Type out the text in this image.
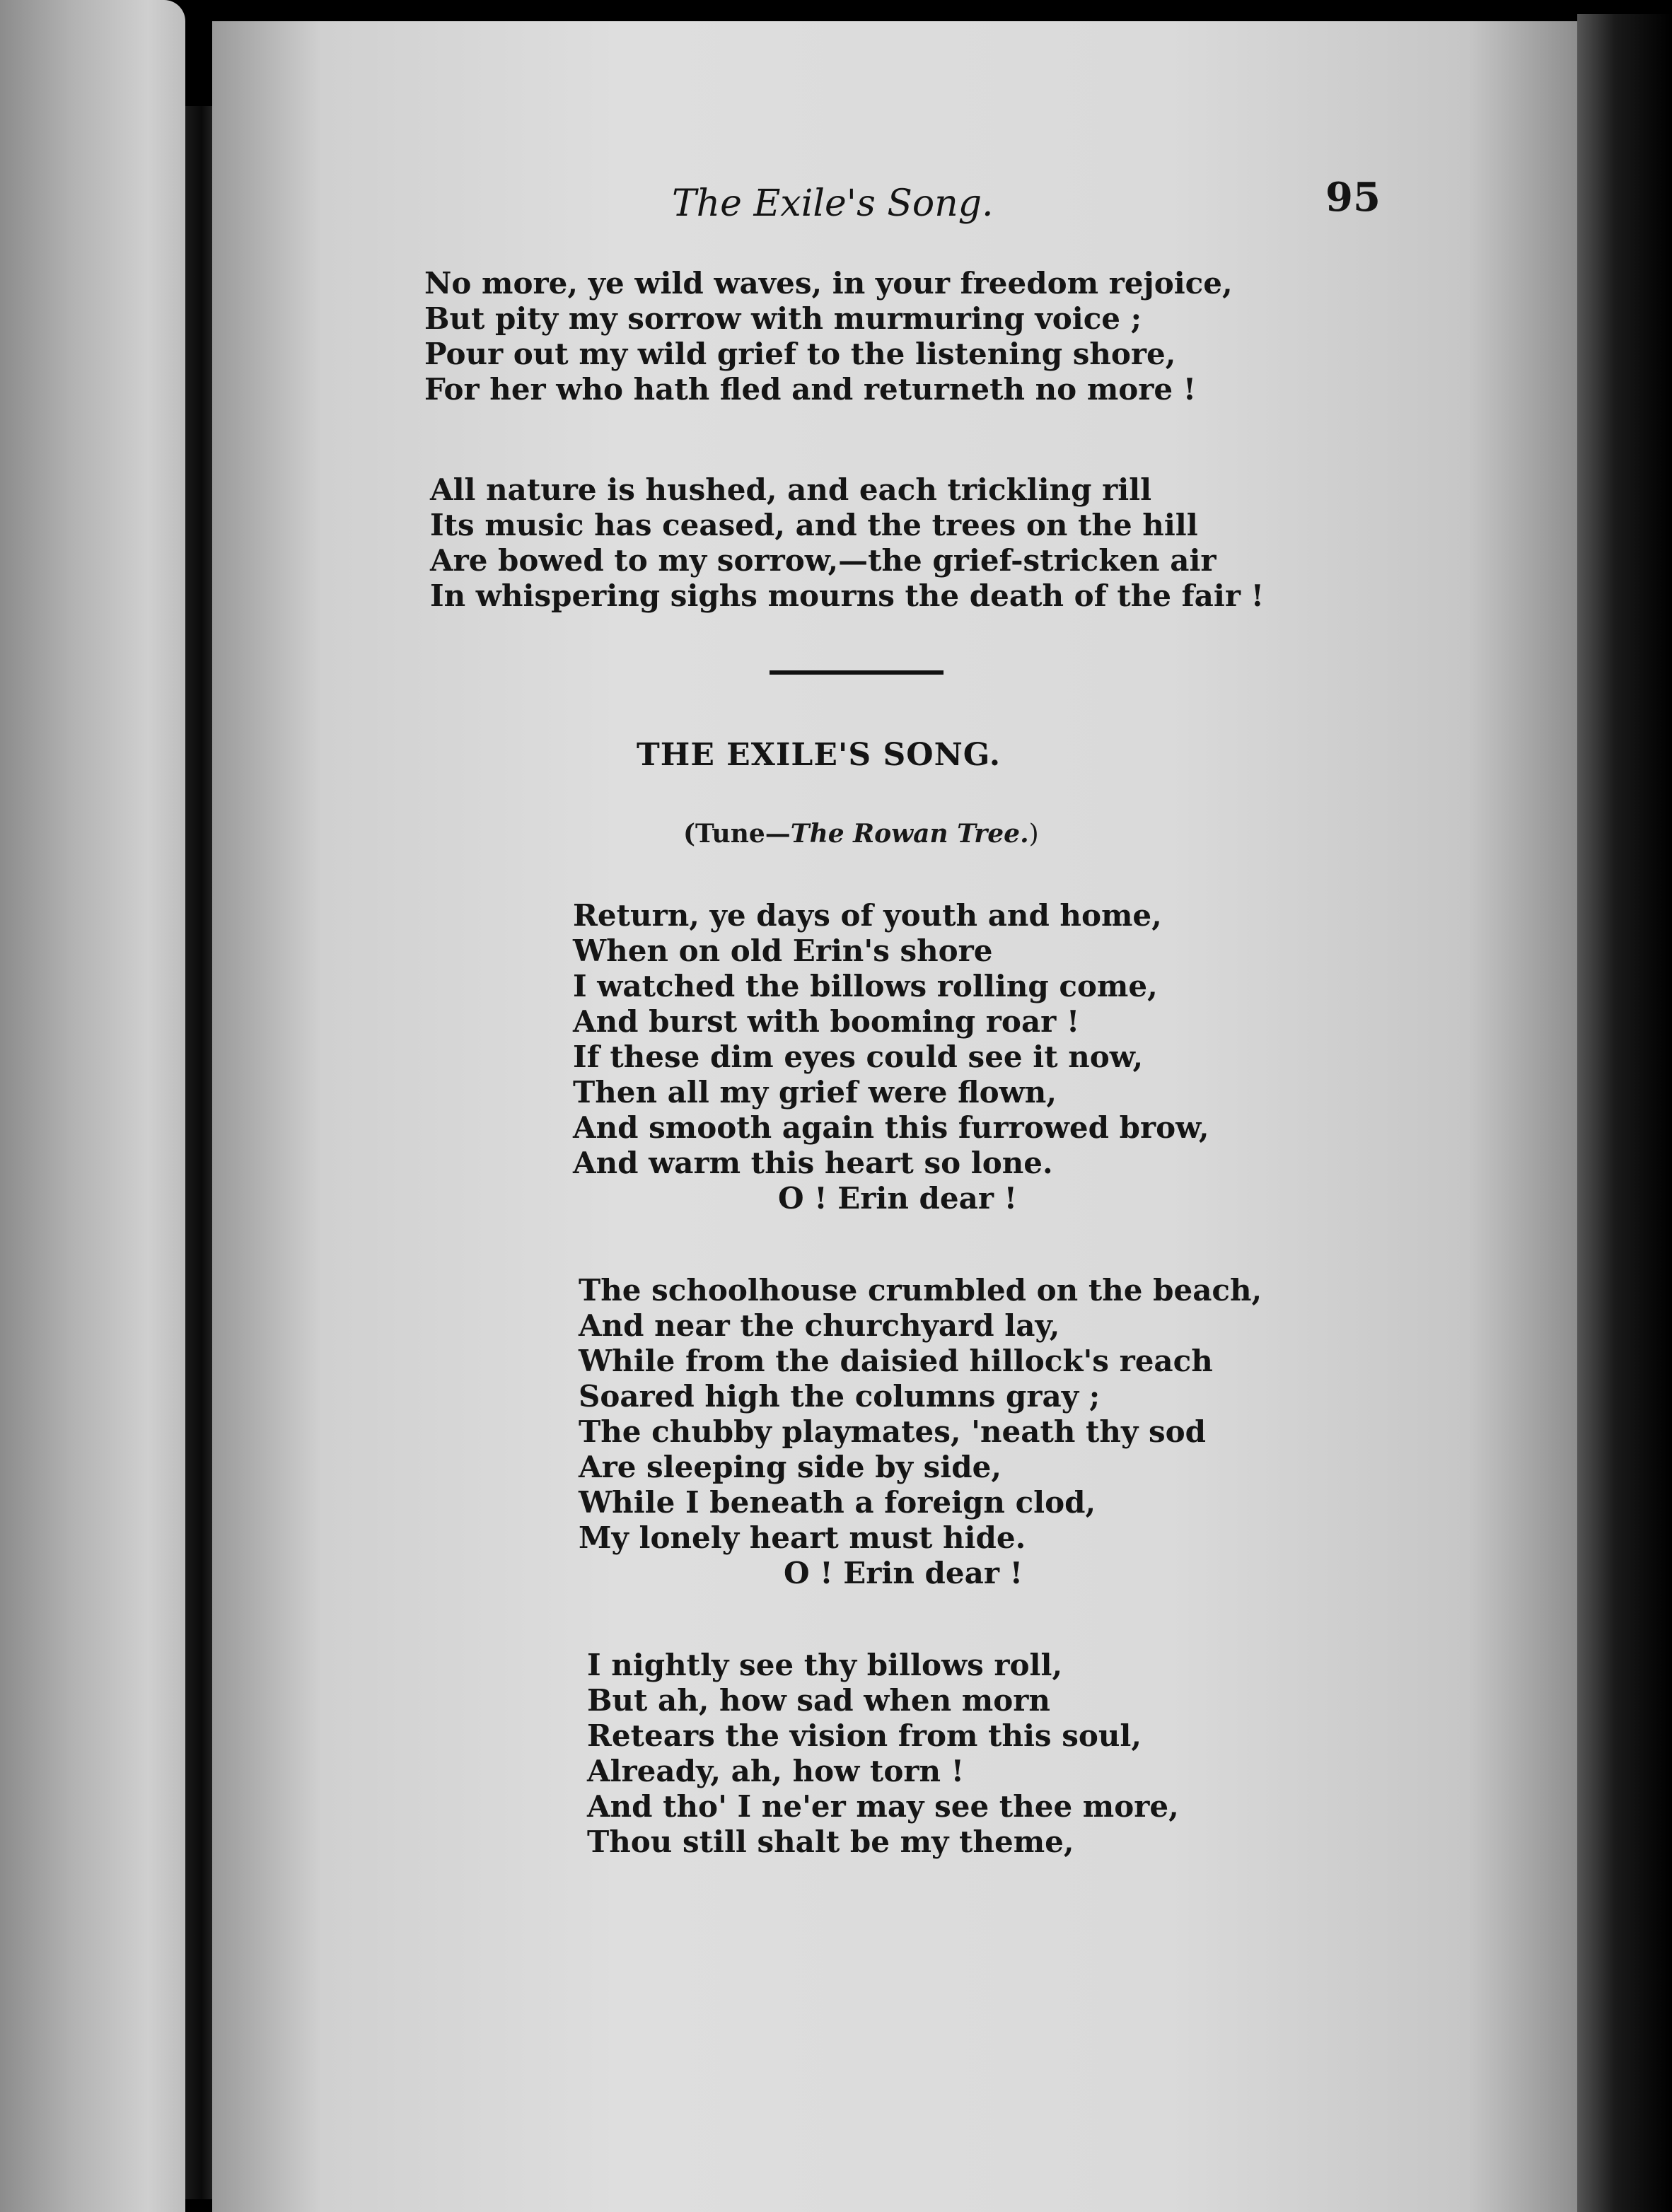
The Exile's Song.	95
No more, ye wild waves, in your freedom rejoice,
But pity my sorrow with murmuring voice ;
Pour out my wild grief to the listening shore,
For her who hath fled and returneth no more !
All nature is hushed, and each trickling rill
Its music has ceased, and the trees on the hill
Are bowed to my sorrow,—the grief-stricken air
In whispering sighs mourns the death of the fair !
THE EXILE'S SONG.
(Tune—The Rowan Tree.)
Return, ye days of youth and home,
When on old Erin's shore
I watched the billows rolling come,
And burst with booming roar !
If these dim eyes could see it now,
Then all my grief were flown,
And smooth again this furrowed brow,
And warm this heart so lone.
O ! Erin dear !
The schoolhouse crumbled on the beach,
And near the churchyard lay,
While from the daisied hillock's reach
Soared high the columns gray ;
The chubby playmates, 'neath thy sod
Are sleeping side by side,
While I beneath a foreign clod,
My lonely heart must hide.
O ! Erin dear !
I nightly see thy billows roll,
But ah, how sad when morn
Retears the vision from this soul,
Already, ah, how torn !
And tho' I ne'er may see thee more,
Thou still shalt be my theme,
